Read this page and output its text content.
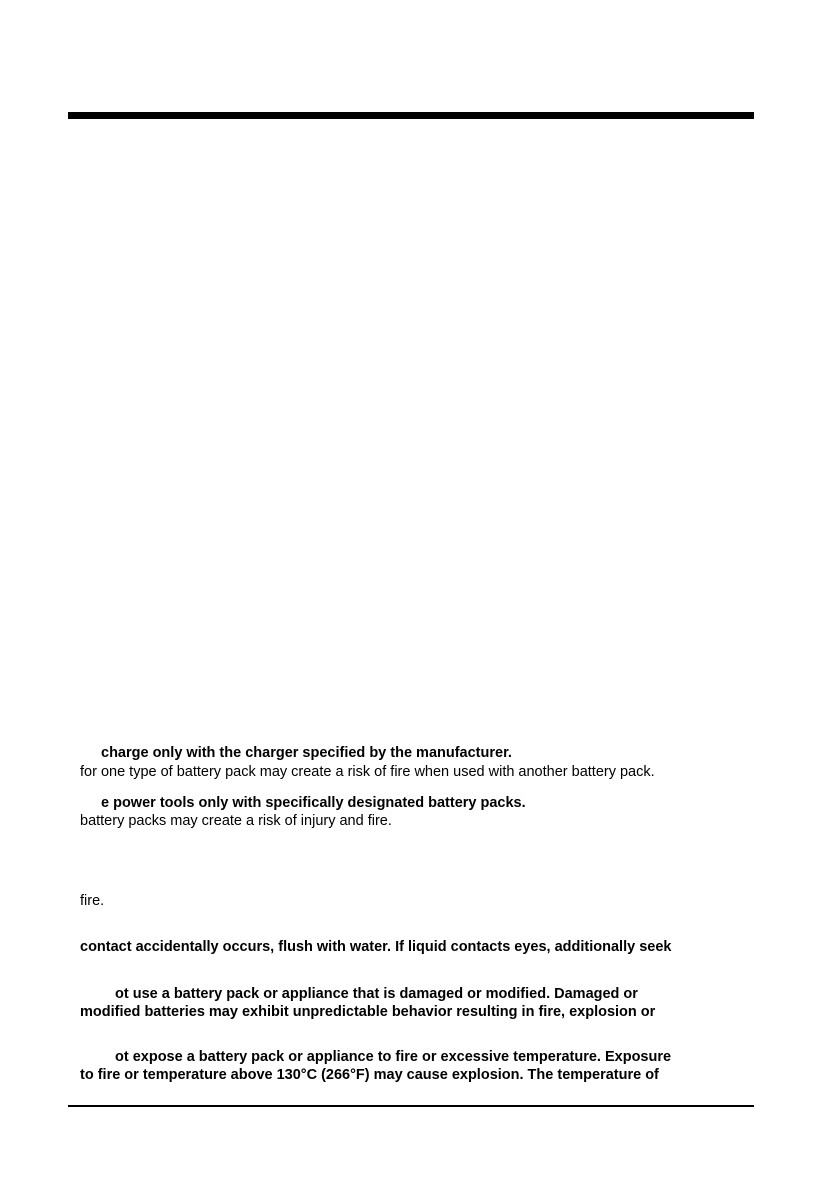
charge only with the charger specified by the manufacturer.
for one type of battery pack may create a risk of fire when used with another battery pack.
e power tools only with specifically designated battery packs.
battery packs may create a risk of injury and fire.
fire.
contact accidentally occurs, flush with water. If liquid contacts eyes, additionally seek
ot use a battery pack or appliance that is damaged or modified. Damaged or
modified batteries may exhibit unpredictable behavior resulting in fire, explosion or
ot expose a battery pack or appliance to fire or excessive temperature. Exposure
to fire or temperature above 130°C (266°F) may cause explosion. The temperature of
